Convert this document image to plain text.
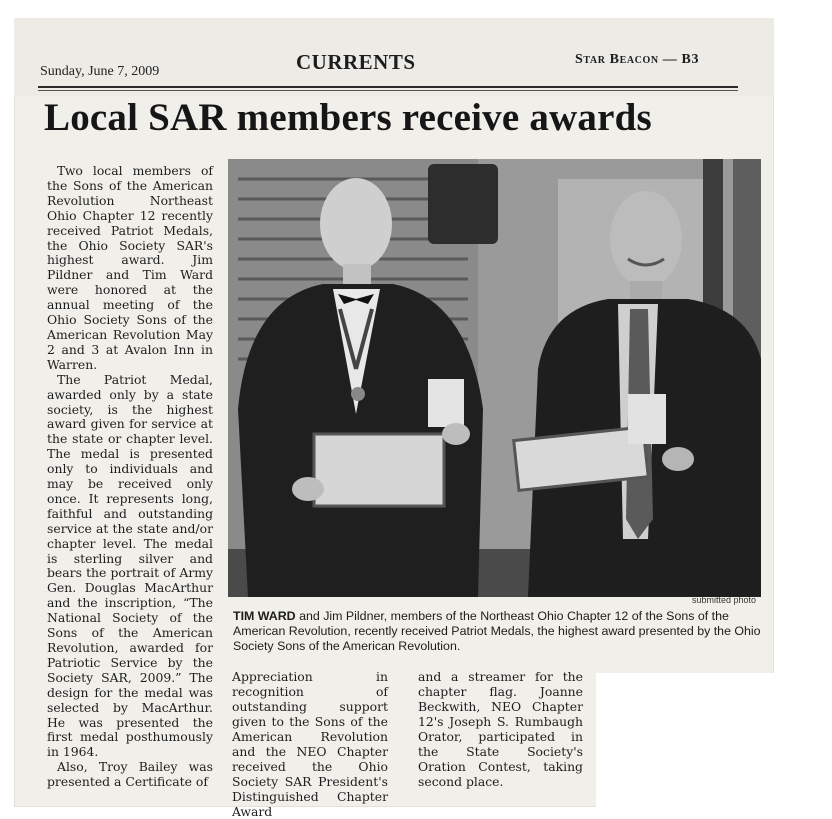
Sunday, June 7, 2009	CURRENTS	Star Beacon — B3
Local SAR members receive awards

Two local members of the Sons of the American Revolution Northeast Ohio Chapter 12 recently received Patriot Medals, the Ohio Society SAR's highest award. Jim Pildner and Tim Ward were honored at the annual meeting of the Ohio Society Sons of the American Revolution May 2 and 3 at Avalon Inn in Warren.

The Patriot Medal, awarded only by a state society, is the highest award given for service at the state or chapter level. The medal is presented only to individuals and may be received only once. It represents long, faithful and outstanding service at the state and/or chapter level. The medal is sterling silver and bears the portrait of Army Gen. Douglas MacArthur and the inscription, “The National Society of the Sons of the American Revolution, awarded for Patriotic Service by the Society SAR, 2009.” The design for the medal was selected by MacArthur. He was presented the first medal posthumously in 1964.

Also, Troy Bailey was presented a Certificate of

submitted photo
TIM WARD and Jim Pildner, members of the Northeast Ohio Chapter 12 of the Sons of the American Revolution, recently received Patriot Medals, the highest award presented by the Ohio Society Sons of the American Revolution.

Appreciation in recognition of outstanding support given to the Sons of the American Revolution and the NEO Chapter received the Ohio Society SAR President's Distinguished Chapter Award

and a streamer for the chapter flag. Joanne Beckwith, NEO Chapter 12's Joseph S. Rumbaugh Orator, participated in the State Society's Oration Contest, taking second place.
